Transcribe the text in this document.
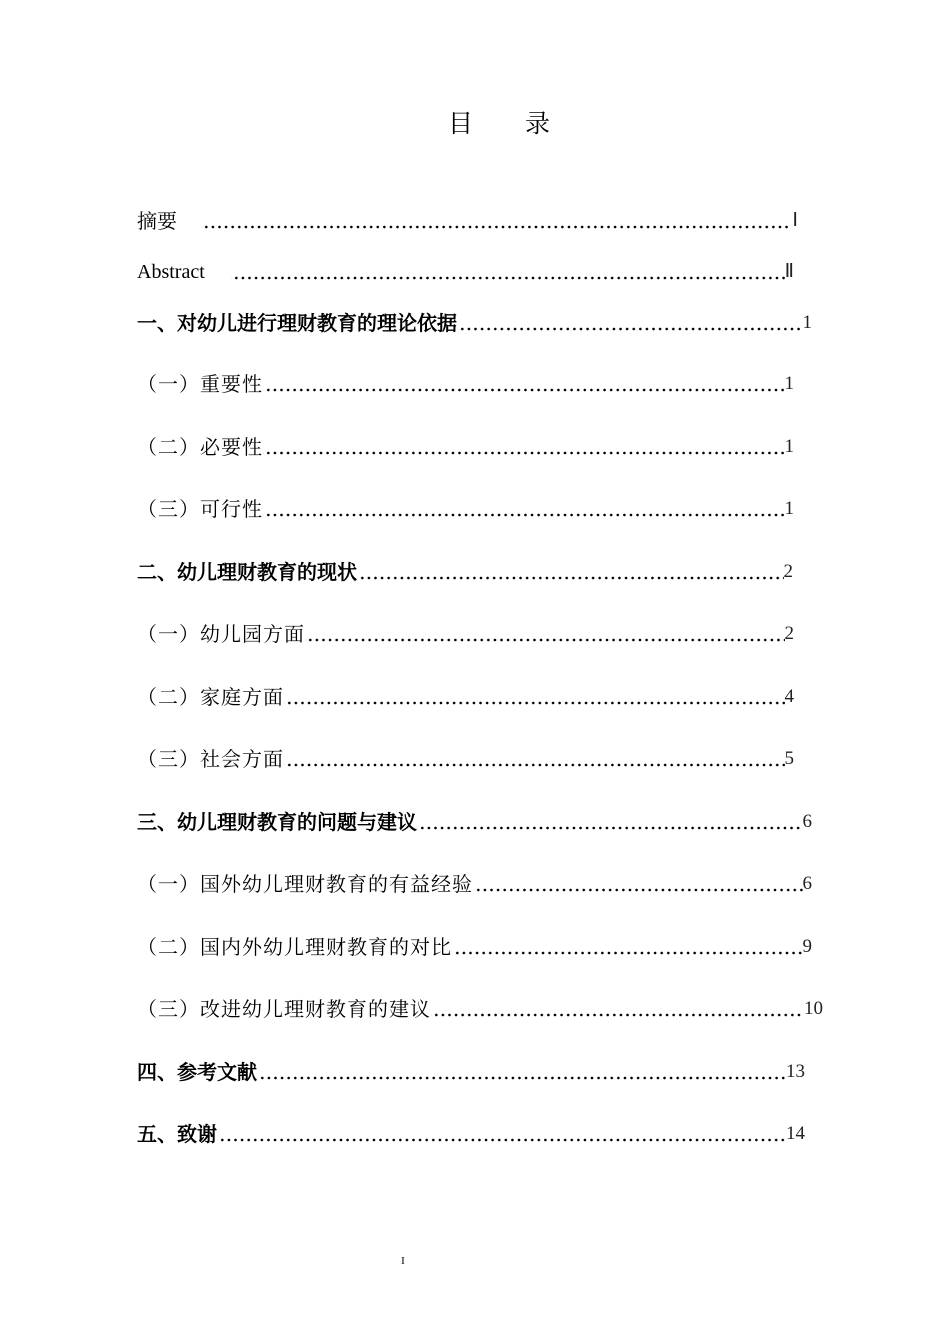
目 录
摘要	Ⅰ
Abstract	Ⅱ
一、对幼儿进行理财教育的理论依据	1
（一）重要性	1
（二）必要性	1
（三）可行性	1
二、幼儿理财教育的现状	2
（一）幼儿园方面	2
（二）家庭方面	4
（三）社会方面	5
三、幼儿理财教育的问题与建议	6
（一）国外幼儿理财教育的有益经验	6
（二）国内外幼儿理财教育的对比	9
（三）改进幼儿理财教育的建议	10
四、参考文献	13
五、致谢	14
I
